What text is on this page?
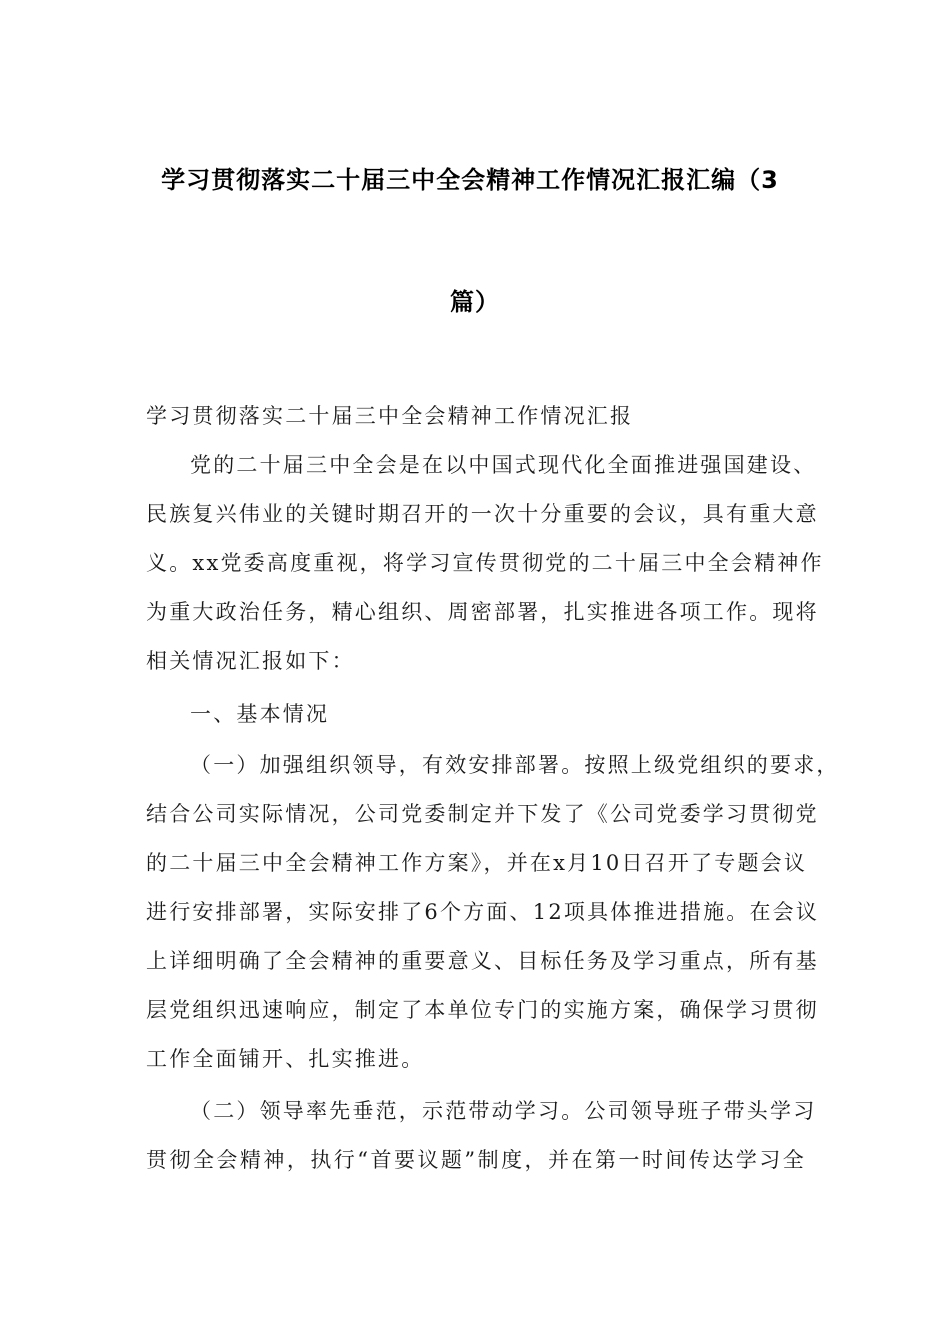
学习贯彻落实二十届三中全会精神工作情况汇报汇编（3
篇）
学习贯彻落实二十届三中全会精神工作情况汇报
党的二十届三中全会是在以中国式现代化全面推进强国建设、
民族复兴伟业的关键时期召开的一次十分重要的会议，具有重大意
义。xx党委高度重视，将学习宣传贯彻党的二十届三中全会精神作
为重大政治任务，精心组织、周密部署，扎实推进各项工作。现将
相关情况汇报如下：
一、基本情况
（一）加强组织领导，有效安排部署。按照上级党组织的要求，
结合公司实际情况，公司党委制定并下发了《公司党委学习贯彻党
的二十届三中全会精神工作方案》，并在x月10日召开了专题会议
进行安排部署，实际安排了6个方面、12项具体推进措施。在会议
上详细明确了全会精神的重要意义、目标任务及学习重点，所有基
层党组织迅速响应，制定了本单位专门的实施方案，确保学习贯彻
工作全面铺开、扎实推进。
（二）领导率先垂范，示范带动学习。公司领导班子带头学习
贯彻全会精神，执行“首要议题”制度，并在第一时间传达学习全
